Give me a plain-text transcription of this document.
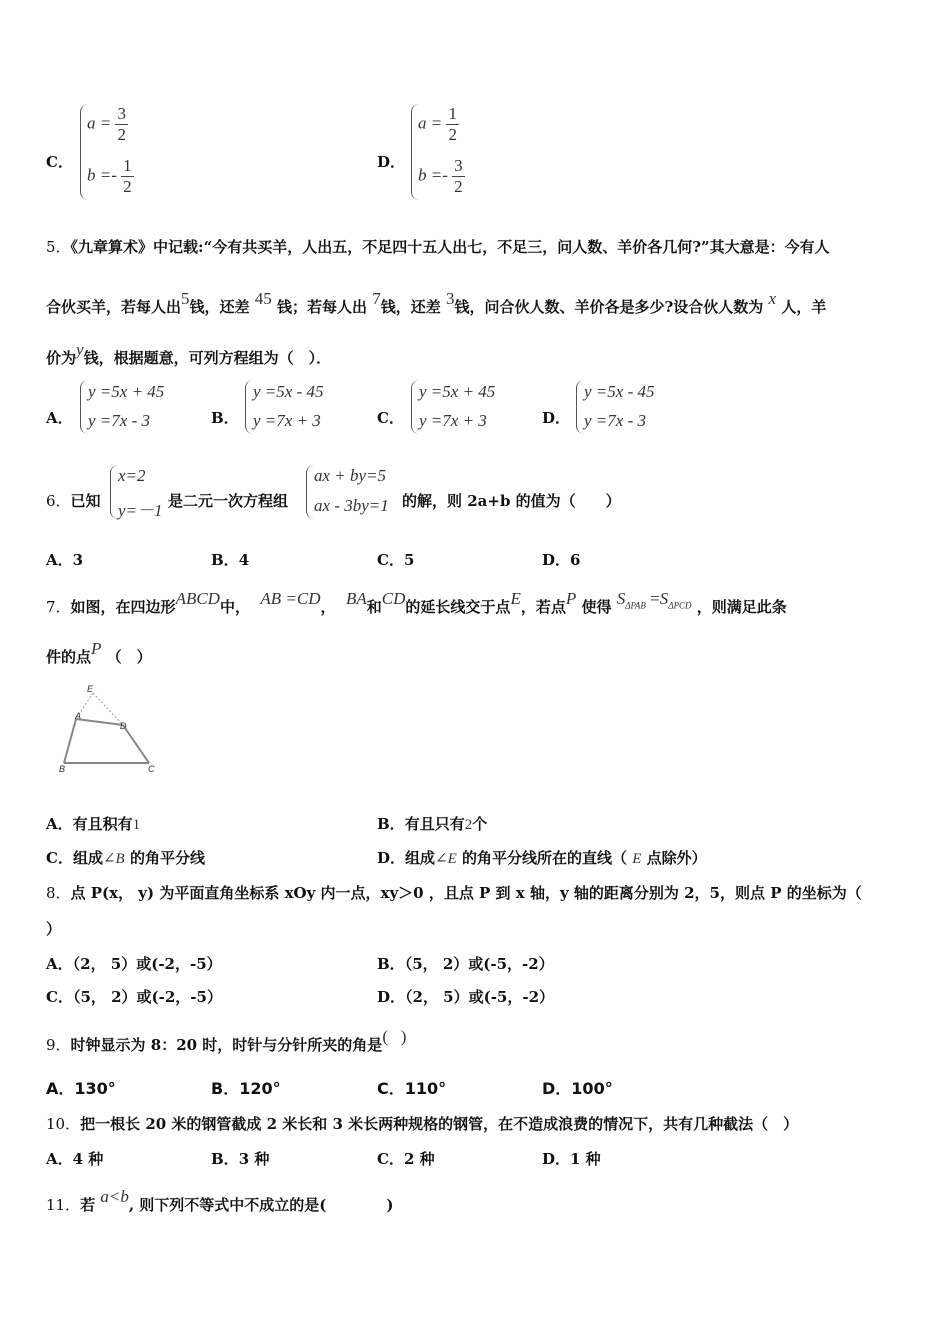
C．
$a = \frac{3}{2}$
$b =- \frac{1}{2}$	D．
$a = \frac{1}{2}$
$b =- \frac{3}{2}$
5．《九章算术》中记载:“今有共买羊，人出五，不足四十五人出七，不足三，问人数、羊价各几何?”其大意是：今有人
合伙买羊，若每人出5钱，还差 45 钱；若每人出 7钱，还差 3钱，问合伙人数、羊价各是多少?设合伙人数为 x 人，羊
价为y钱，根据题意，可列方程组为（　）．
A．
y =5x + 45
y =7x - 3	B．
y =5x - 45
y =7x + 3	C．
y =5x + 45
y =7x + 3	D．
y =5x - 45
y =7x - 3
6．已知
x=2
y=－1 是二元一次方程组
ax + by=5
ax - 3by=1 的解，则 2a+b 的值为（　　）
A．3	B．4	C．5	D．6
7．如图，在四边形ABCD中， AB =CD， BA和CD的延长线交于点E，若点P 使得 $S_{\Delta PAB} =S_{\Delta PCD}$ ，则满足此条
件的点P （　）
E
A
D
B	C
A．有且积有1	B．有且只有2个
C．组成∠B 的角平分线	D．组成∠E 的角平分线所在的直线（ E 点除外）
8．点 P(x， y) 为平面直角坐标系 xOy 内一点，xy＞0 ，且点 P 到 x 轴，y 轴的距离分别为 2，5，则点 P 的坐标为（
）
A．（2， 5）或(-2，-5）	B．（5， 2）或(-5，-2）
C．（5， 2）或(-2，-5）	D．（2， 5）或(-5，-2）
9．时钟显示为 8：20 时，时针与分针所夹的角是(   )
A．130°	B．120°	C．110°	D．100°
10．把一根长 20 米的钢管截成 2 米长和 3 米长两种规格的钢管，在不造成浪费的情况下，共有几种截法（　）
A．4 种	B．3 种	C．2 种	D．1 种
11．若 a<b, 则下列不等式中不成立的是(　　　　)
